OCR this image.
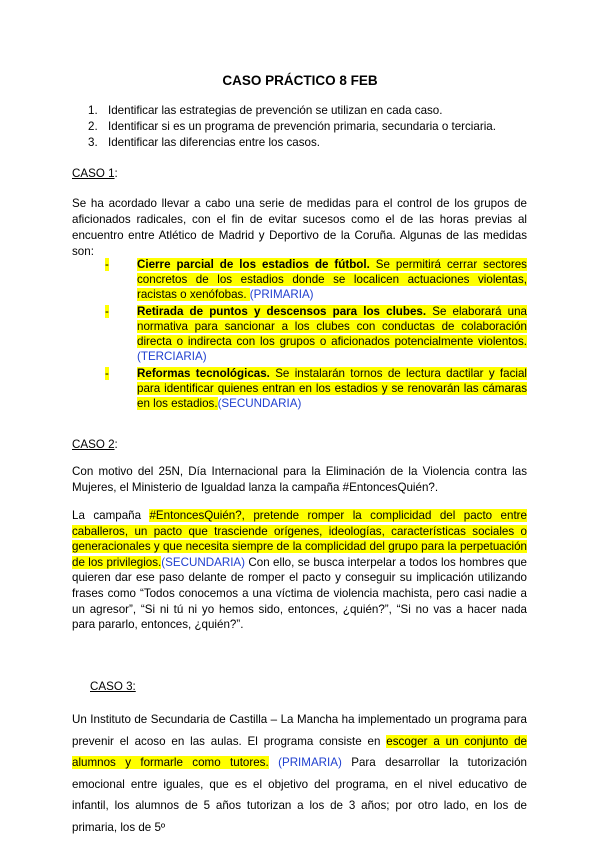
CASO PRÁCTICO 8 FEB
1. Identificar las estrategias de prevención se utilizan en cada caso.
2. Identificar si es un programa de prevención primaria, secundaria o terciaria.
3. Identificar las diferencias entre los casos.
CASO 1:
Se ha acordado llevar a cabo una serie de medidas para el control de los grupos de aficionados radicales, con el fin de evitar sucesos como el de las horas previas al encuentro entre Atlético de Madrid y Deportivo de la Coruña. Algunas de las medidas son:
-	Cierre parcial de los estadios de fútbol. Se permitirá cerrar sectores concretos de los estadios donde se localicen actuaciones violentas, racistas o xenófobas. (PRIMARIA)
-	Retirada de puntos y descensos para los clubes. Se elaborará una normativa para sancionar a los clubes con conductas de colaboración directa o indirecta con los grupos o aficionados potencialmente violentos. (TERCIARIA)
-	Reformas tecnológicas. Se instalarán tornos de lectura dactilar y facial para identificar quienes entran en los estadios y se renovarán las cámaras en los estadios.(SECUNDARIA)
CASO 2:
Con motivo del 25N, Día Internacional para la Eliminación de la Violencia contra las Mujeres, el Ministerio de Igualdad lanza la campaña #EntoncesQuién?.
La campaña #EntoncesQuién?, pretende romper la complicidad del pacto entre caballeros, un pacto que trasciende orígenes, ideologías, características sociales o generacionales y que necesita siempre de la complicidad del grupo para la perpetuación de los privilegios.(SECUNDARIA) Con ello, se busca interpelar a todos los hombres que quieren dar ese paso delante de romper el pacto y conseguir su implicación utilizando frases como “Todos conocemos a una víctima de violencia machista, pero casi nadie a un agresor”, “Si ni tú ni yo hemos sido, entonces, ¿quién?”, “Si no vas a hacer nada para pararlo, entonces, ¿quién?”.
CASO 3:
Un Instituto de Secundaria de Castilla – La Mancha ha implementado un programa para prevenir el acoso en las aulas. El programa consiste en escoger a un conjunto de alumnos y formarle como tutores. (PRIMARIA) Para desarrollar la tutorización emocional entre iguales, que es el objetivo del programa, en el nivel educativo de infantil, los alumnos de 5 años tutorizan a los de 3 años; por otro lado, en los de primaria, los de 5º
